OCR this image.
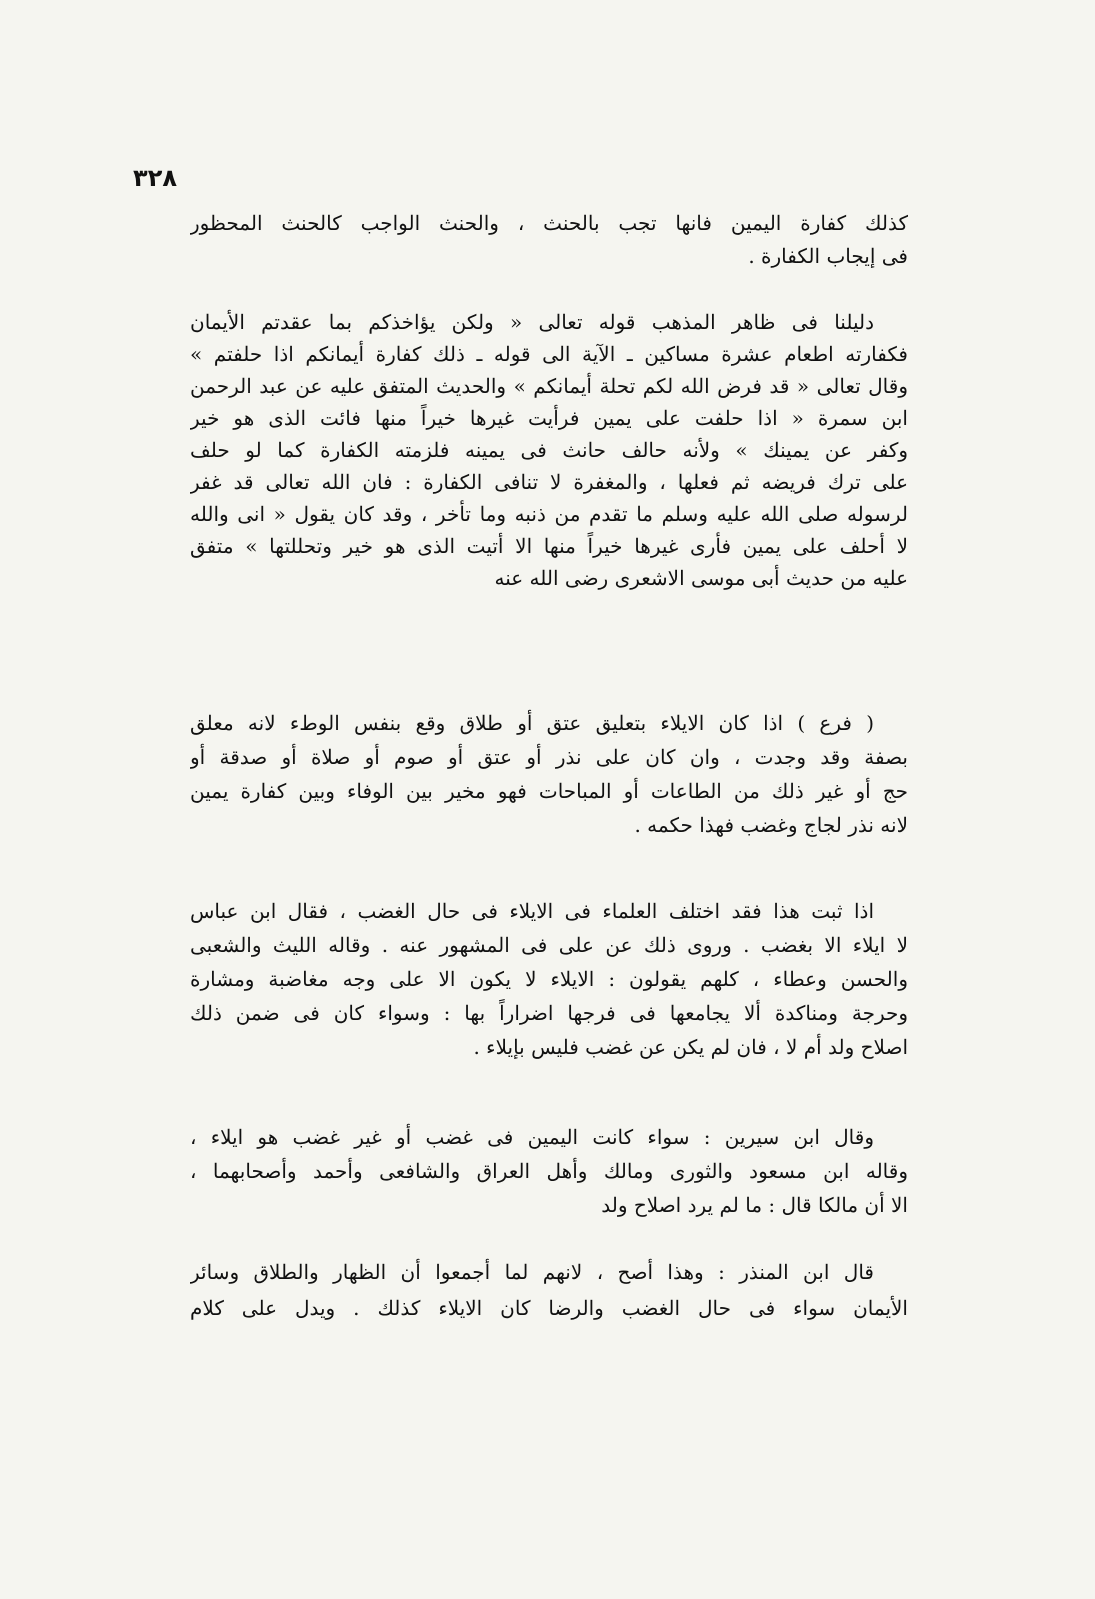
٣٢٨
كذلك كفارة اليمين فانها تجب بالحنث ، والحنث الواجب كالحنث المحظور
فى إيجاب الكفارة .
دليلنا فى ظاهر المذهب قوله تعالى « ولكن يؤاخذكم بما عقدتم الأيمان
فكفارته اطعام عشرة مساكين ـ الآية الى قوله ـ ذلك كفارة أيمانكم اذا حلفتم »
وقال تعالى « قد فرض الله لكم تحلة أيمانكم » والحديث المتفق عليه عن عبد الرحمن
ابن سمرة « اذا حلفت على يمين فرأيت غيرها خيراً منها فائت الذى هو خير
وكفر عن يمينك » ولأنه حالف حانث فى يمينه فلزمته الكفارة كما لو حلف
على ترك فريضه ثم فعلها ، والمغفرة لا تنافى الكفارة : فان الله تعالى قد غفر
لرسوله صلى الله عليه وسلم ما تقدم من ذنبه وما تأخر ، وقد كان يقول « انى والله
لا أحلف على يمين فأرى غيرها خيراً منها الا أتيت الذى هو خير وتحللتها » متفق
عليه من حديث أبى موسى الاشعرى رضى الله عنه
( فرع ) اذا كان الايلاء بتعليق عتق أو طلاق وقع بنفس الوطء لانه معلق
بصفة وقد وجدت ، وان كان على نذر أو عتق أو صوم أو صلاة أو صدقة أو
حج أو غير ذلك من الطاعات أو المباحات فهو مخير بين الوفاء وبين كفارة يمين
لانه نذر لجاج وغضب فهذا حكمه .
اذا ثبت هذا فقد اختلف العلماء فى الايلاء فى حال الغضب ، فقال ابن عباس
لا ايلاء الا بغضب . وروى ذلك عن على فى المشهور عنه . وقاله الليث والشعبى
والحسن وعطاء ، كلهم يقولون : الايلاء لا يكون الا على وجه مغاضبة ومشارة
وحرجة ومناكدة ألا يجامعها فى فرجها اضراراً بها : وسواء كان فى ضمن ذلك
اصلاح ولد أم لا ، فان لم يكن عن غضب فليس بإيلاء .
وقال ابن سيرين : سواء كانت اليمين فى غضب أو غير غضب هو ايلاء ،
وقاله ابن مسعود والثورى ومالك وأهل العراق والشافعى وأحمد وأصحابهما ،
الا أن مالكا قال : ما لم يرد اصلاح ولد
قال ابن المنذر : وهذا أصح ، لانهم لما أجمعوا أن الظهار والطلاق وسائر
الأيمان سواء فى حال الغضب والرضا كان الايلاء كذلك . ويدل على كلام
